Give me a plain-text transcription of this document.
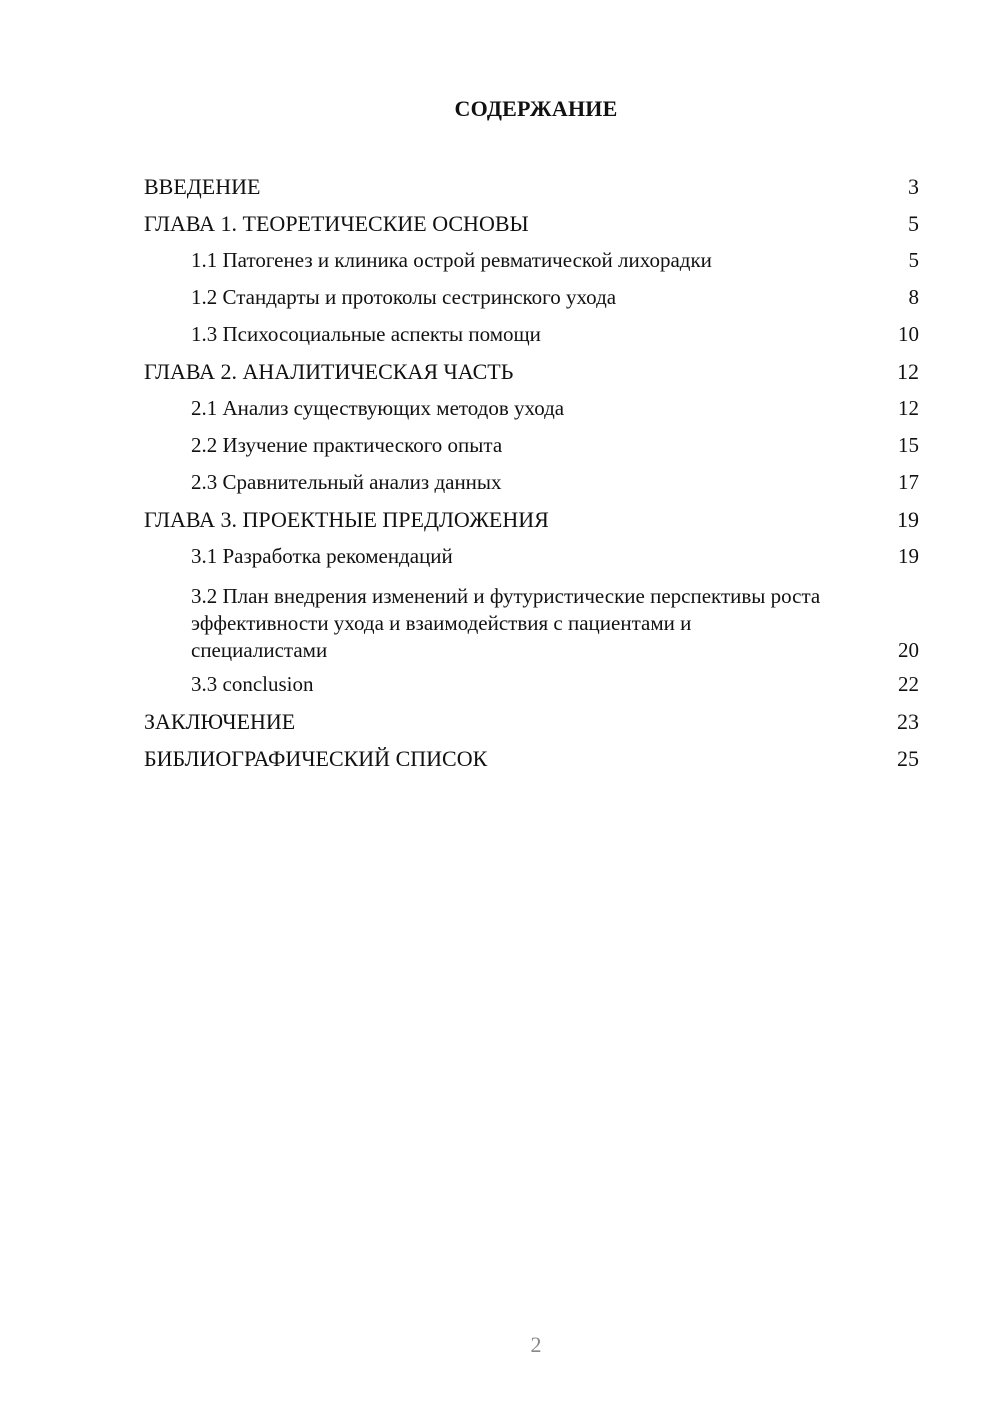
СОДЕРЖАНИЕ
ВВЕДЕНИЕ	3
ГЛАВА 1. ТЕОРЕТИЧЕСКИЕ ОСНОВЫ	5
1.1 Патогенез и клиника острой ревматической лихорадки	5
1.2 Стандарты и протоколы сестринского ухода	8
1.3 Психосоциальные аспекты помощи	10
ГЛАВА 2. АНАЛИТИЧЕСКАЯ ЧАСТЬ	12
2.1 Анализ существующих методов ухода	12
2.2 Изучение практического опыта	15
2.3 Сравнительный анализ данных	17
ГЛАВА 3. ПРОЕКТНЫЕ ПРЕДЛОЖЕНИЯ	19
3.1 Разработка рекомендаций	19
3.2 План внедрения изменений и футуристические перспективы роста эффективности ухода и взаимодействия с пациентами и специалистами	20
3.3 conclusion	22
ЗАКЛЮЧЕНИЕ	23
БИБЛИОГРАФИЧЕСКИЙ СПИСОК	25
2
